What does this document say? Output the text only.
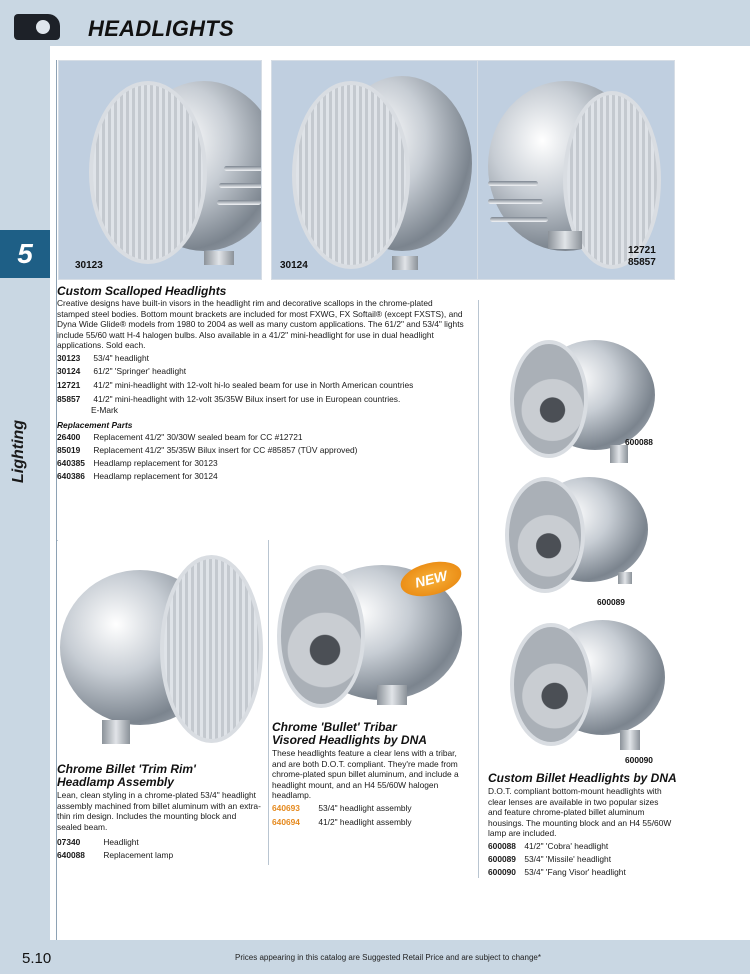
HEADLIGHTS
5
Lighting
30123	30124
12721
85857
Custom Scalloped Headlights
Creative designs have built-in visors in the headlight rim and decorative scallops in the chrome-plated stamped steel bodies. Bottom mount brackets are included for most FXWG, FX Softail® (except FXSTS), and Dyna Wide Glide® models from 1980 to 2004 as well as many custom applications. The 61/2" and 53/4" lights include 55/60 watt H-4 halogen bulbs. Also available in a 41/2" mini-headlight for use in dual headlight applications. Sold each.
30123 53/4" headlight
30124 61/2" 'Springer' headlight
12721 41/2" mini-headlight with 12-volt hi-lo sealed beam for use in North American countries
85857 41/2" mini-headlight with 12-volt 35/35W Bilux insert for use in European countries.
E-Mark
Replacement Parts
26400 Replacement 41/2" 30/30W sealed beam for CC #12721
85019 Replacement 41/2" 35/35W Bilux insert for CC #85857 (TÜV approved)
640385 Headlamp replacement for 30123
640386 Headlamp replacement for 30124
600088
600089
600090
Chrome Billet 'Trim Rim'
Headlamp Assembly
Lean, clean styling in a chrome-plated 53/4" headlight assembly machined from billet aluminum with an extra-thin rim design. Includes the mounting block and sealed beam.
07340	Headlight
640088 Replacement lamp
NEW
Chrome 'Bullet' Tribar
Visored Headlights by DNA
These headlights feature a clear lens with a tribar, and are both D.O.T. compliant. They're made from chrome-plated spun billet aluminum, and include a headlight mount, and an H4 55/60W halogen headlamp.
640693 53/4" headlight assembly
640694 41/2" headlight assembly
Custom Billet Headlights by DNA
D.O.T. compliant bottom-mount headlights with clear lenses are available in two popular sizes and feature chrome-plated billet aluminum housings. The mounting block and an H4 55/60W lamp are included.
600088 41/2" 'Cobra' headlight
600089 53/4" 'Missile' headlight
600090 53/4" 'Fang Visor' headlight
5.10	Prices appearing in this catalog are Suggested Retail Price and are subject to change*
